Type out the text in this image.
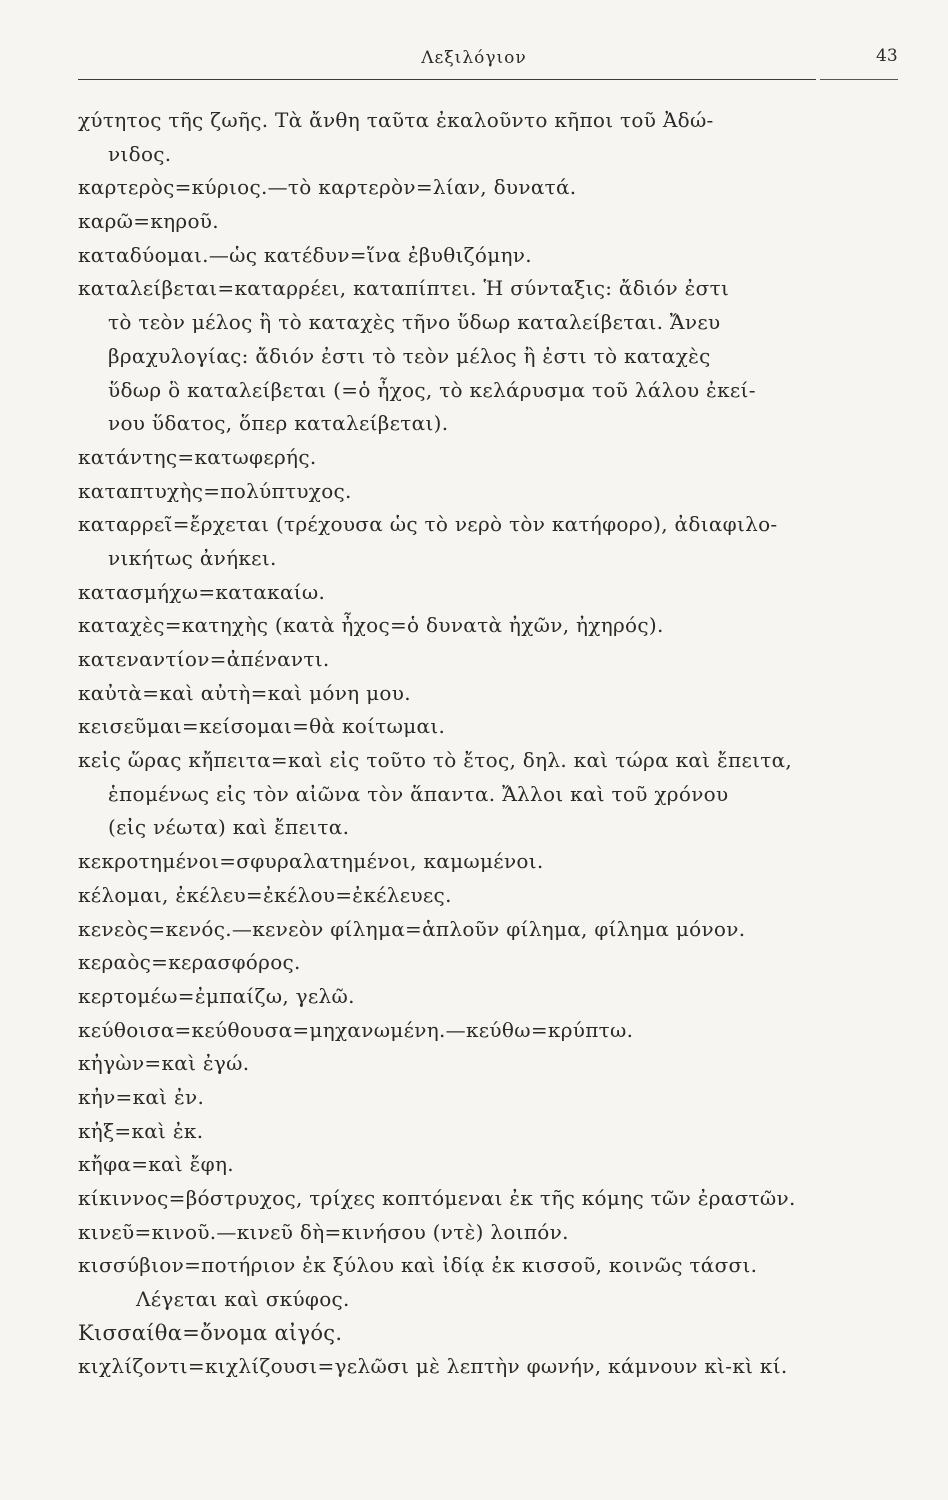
Λεξιλόγιον	43
χύτητος τῆς ζωῆς. Τὰ ἄνθη ταῦτα ἐκαλοῦντο κῆποι τοῦ Ἀδώ-
νιδος.
καρτερὸς=κύριος.—τὸ καρτερὸν=λίαν, δυνατά.
καρῶ=κηροῦ.
καταδύομαι.—ὡς κατέδυν=ἵνα ἐβυθιζόμην.
καταλείβεται=καταρρέει, καταπίπτει. Ἡ σύνταξις: ἄδιόν ἐστι
τὸ τεὸν μέλος ἢ τὸ καταχὲς τῆνο ὕδωρ καταλείβεται. Ἄνευ
βραχυλογίας: ἄδιόν ἐστι τὸ τεὸν μέλος ἢ ἐστι τὸ καταχὲς
ὕδωρ ὃ καταλείβεται (=ὁ ἦχος, τὸ κελάρυσμα τοῦ λάλου ἐκεί-
νου ὕδατος, ὅπερ καταλείβεται).
κατάντης=κατωφερής.
καταπτυχὴς=πολύπτυχος.
καταρρεῖ=ἔρχεται (τρέχουσα ὡς τὸ νερὸ τὸν κατήφορο), ἀδιαφιλο-
νικήτως ἀνήκει.
κατασμήχω=κατακαίω.
καταχὲς=κατηχὴς (κατὰ ἦχος=ὁ δυνατὰ ἠχῶν, ἠχηρός).
κατεναντίον=ἀπέναντι.
καὐτὰ=καὶ αὐτὴ=καὶ μόνη μου.
κεισεῦμαι=κείσομαι=θὰ κοίτωμαι.
κεἰς ὥρας κἤπειτα=καὶ εἰς τοῦτο τὸ ἔτος, δηλ. καὶ τώρα καὶ ἔπειτα,
ἑπομένως εἰς τὸν αἰῶνα τὸν ἅπαντα. Ἄλλοι καὶ τοῦ χρόνου
(εἰς νέωτα) καὶ ἔπειτα.
κεκροτημένοι=σφυραλατημένοι, καμωμένοι.
κέλομαι, ἐκέλευ=ἐκέλου=ἐκέλευες.
κενεὸς=κενός.—κενεὸν φίλημα=ἁπλοῦν φίλημα, φίλημα μόνον.
κεραὸς=κερασφόρος.
κερτομέω=ἐμπαίζω, γελῶ.
κεύθοισα=κεύθουσα=μηχανωμένη.—κεύθω=κρύπτω.
κἠγὼν=καὶ ἐγώ.
κἠν=καὶ ἐν.
κἠξ=καὶ ἐκ.
κἤφα=καὶ ἔφη.
κίκιννος=βόστρυχος, τρίχες κοπτόμεναι ἐκ τῆς κόμης τῶν ἐραστῶν.
κινεῦ=κινοῦ.—κινεῦ δὴ=κινήσου (ντὲ) λοιπόν.
κισσύβιον=ποτήριον ἐκ ξύλου καὶ ἰδίᾳ ἐκ κισσοῦ, κοινῶς τάσσι.
Λέγεται καὶ σκύφος.
Κισσαίθα=ὄνομα αἰγός.
κιχλίζοντι=κιχλίζουσι=γελῶσι μὲ λεπτὴν φωνήν, κάμνουν κὶ-κὶ κί.
